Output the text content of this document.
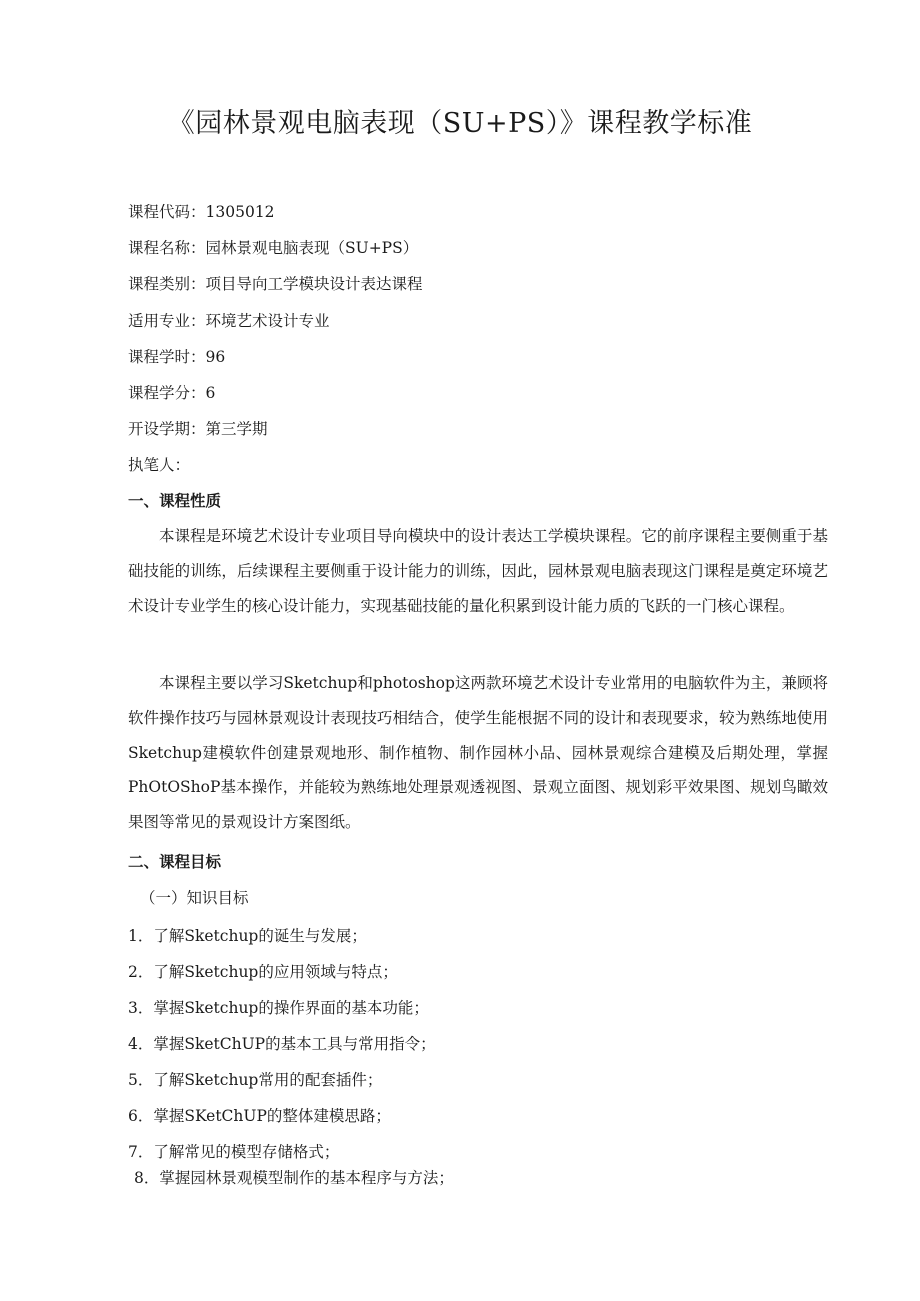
《园林景观电脑表现（SU+PS）》课程教学标准

课程代码：1305012

课程名称：园林景观电脑表现（SU+PS）

课程类别：项目导向工学模块设计表达课程

适用专业：环境艺术设计专业

课程学时：96

课程学分：6

开设学期：第三学期

执笔人：

一、课程性质

本课程是环境艺术设计专业项目导向模块中的设计表达工学模块课程。它的前序课程主要侧重于基础技能的训练，后续课程主要侧重于设计能力的训练，因此，园林景观电脑表现这门课程是奠定环境艺术设计专业学生的核心设计能力，实现基础技能的量化积累到设计能力质的飞跃的一门核心课程。

本课程主要以学习Sketchup和photoshop这两款环境艺术设计专业常用的电脑软件为主，兼顾将软件操作技巧与园林景观设计表现技巧相结合，使学生能根据不同的设计和表现要求，较为熟练地使用Sketchup建模软件创建景观地形、制作植物、制作园林小品、园林景观综合建模及后期处理，掌握PhOtOShoP基本操作，并能较为熟练地处理景观透视图、景观立面图、规划彩平效果图、规划鸟瞰效果图等常见的景观设计方案图纸。

二、课程目标

（一）知识目标

1．了解Sketchup的诞生与发展；

2．了解Sketchup的应用领域与特点；

3．掌握Sketchup的操作界面的基本功能；

4．掌握SketChUP的基本工具与常用指令；

5．了解Sketchup常用的配套插件；

6．掌握SKetChUP的整体建模思路；

7．了解常见的模型存储格式；

8．掌握园林景观模型制作的基本程序与方法；
